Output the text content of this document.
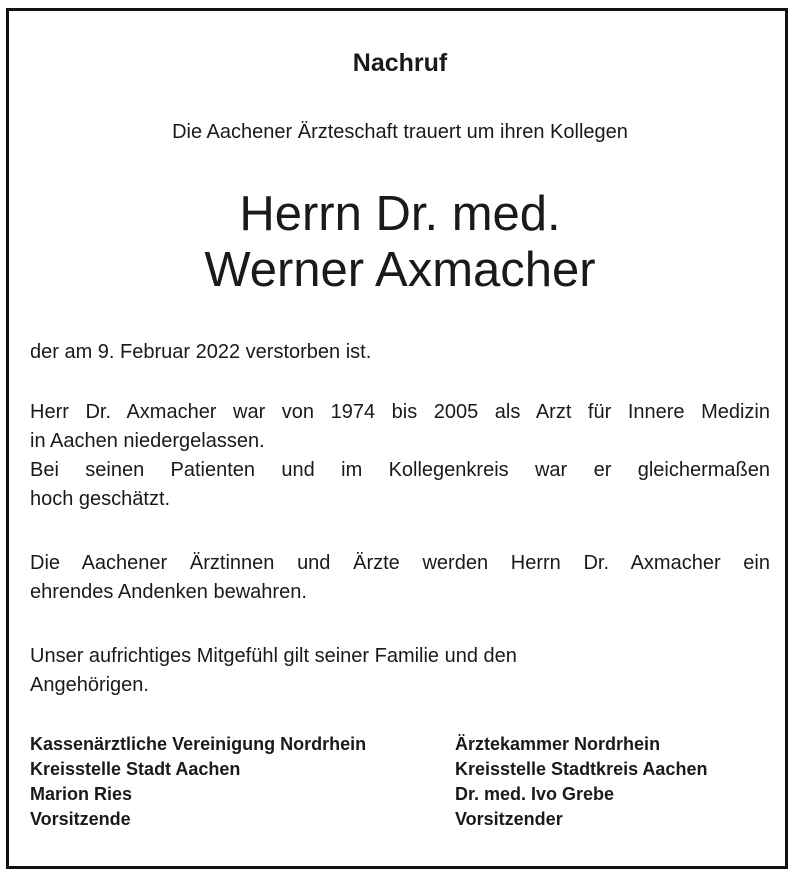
Nachruf
Die Aachener Ärzteschaft trauert um ihren Kollegen
Herrn Dr. med.
Werner Axmacher
der am 9. Februar 2022 verstorben ist.
Herr Dr. Axmacher war von 1974 bis 2005 als Arzt für Innere Medizin
in Aachen niedergelassen.
Bei seinen Patienten und im Kollegenkreis war er gleichermaßen
hoch geschätzt.
Die Aachener Ärztinnen und Ärzte werden Herrn Dr. Axmacher ein
ehrendes Andenken bewahren.
Unser aufrichtiges Mitgefühl gilt seiner Familie und den
Angehörigen.
Kassenärztliche Vereinigung Nordrhein
Kreisstelle Stadt Aachen
Marion Ries
Vorsitzende
Ärztekammer Nordrhein
Kreisstelle Stadtkreis Aachen
Dr. med. Ivo Grebe
Vorsitzender
